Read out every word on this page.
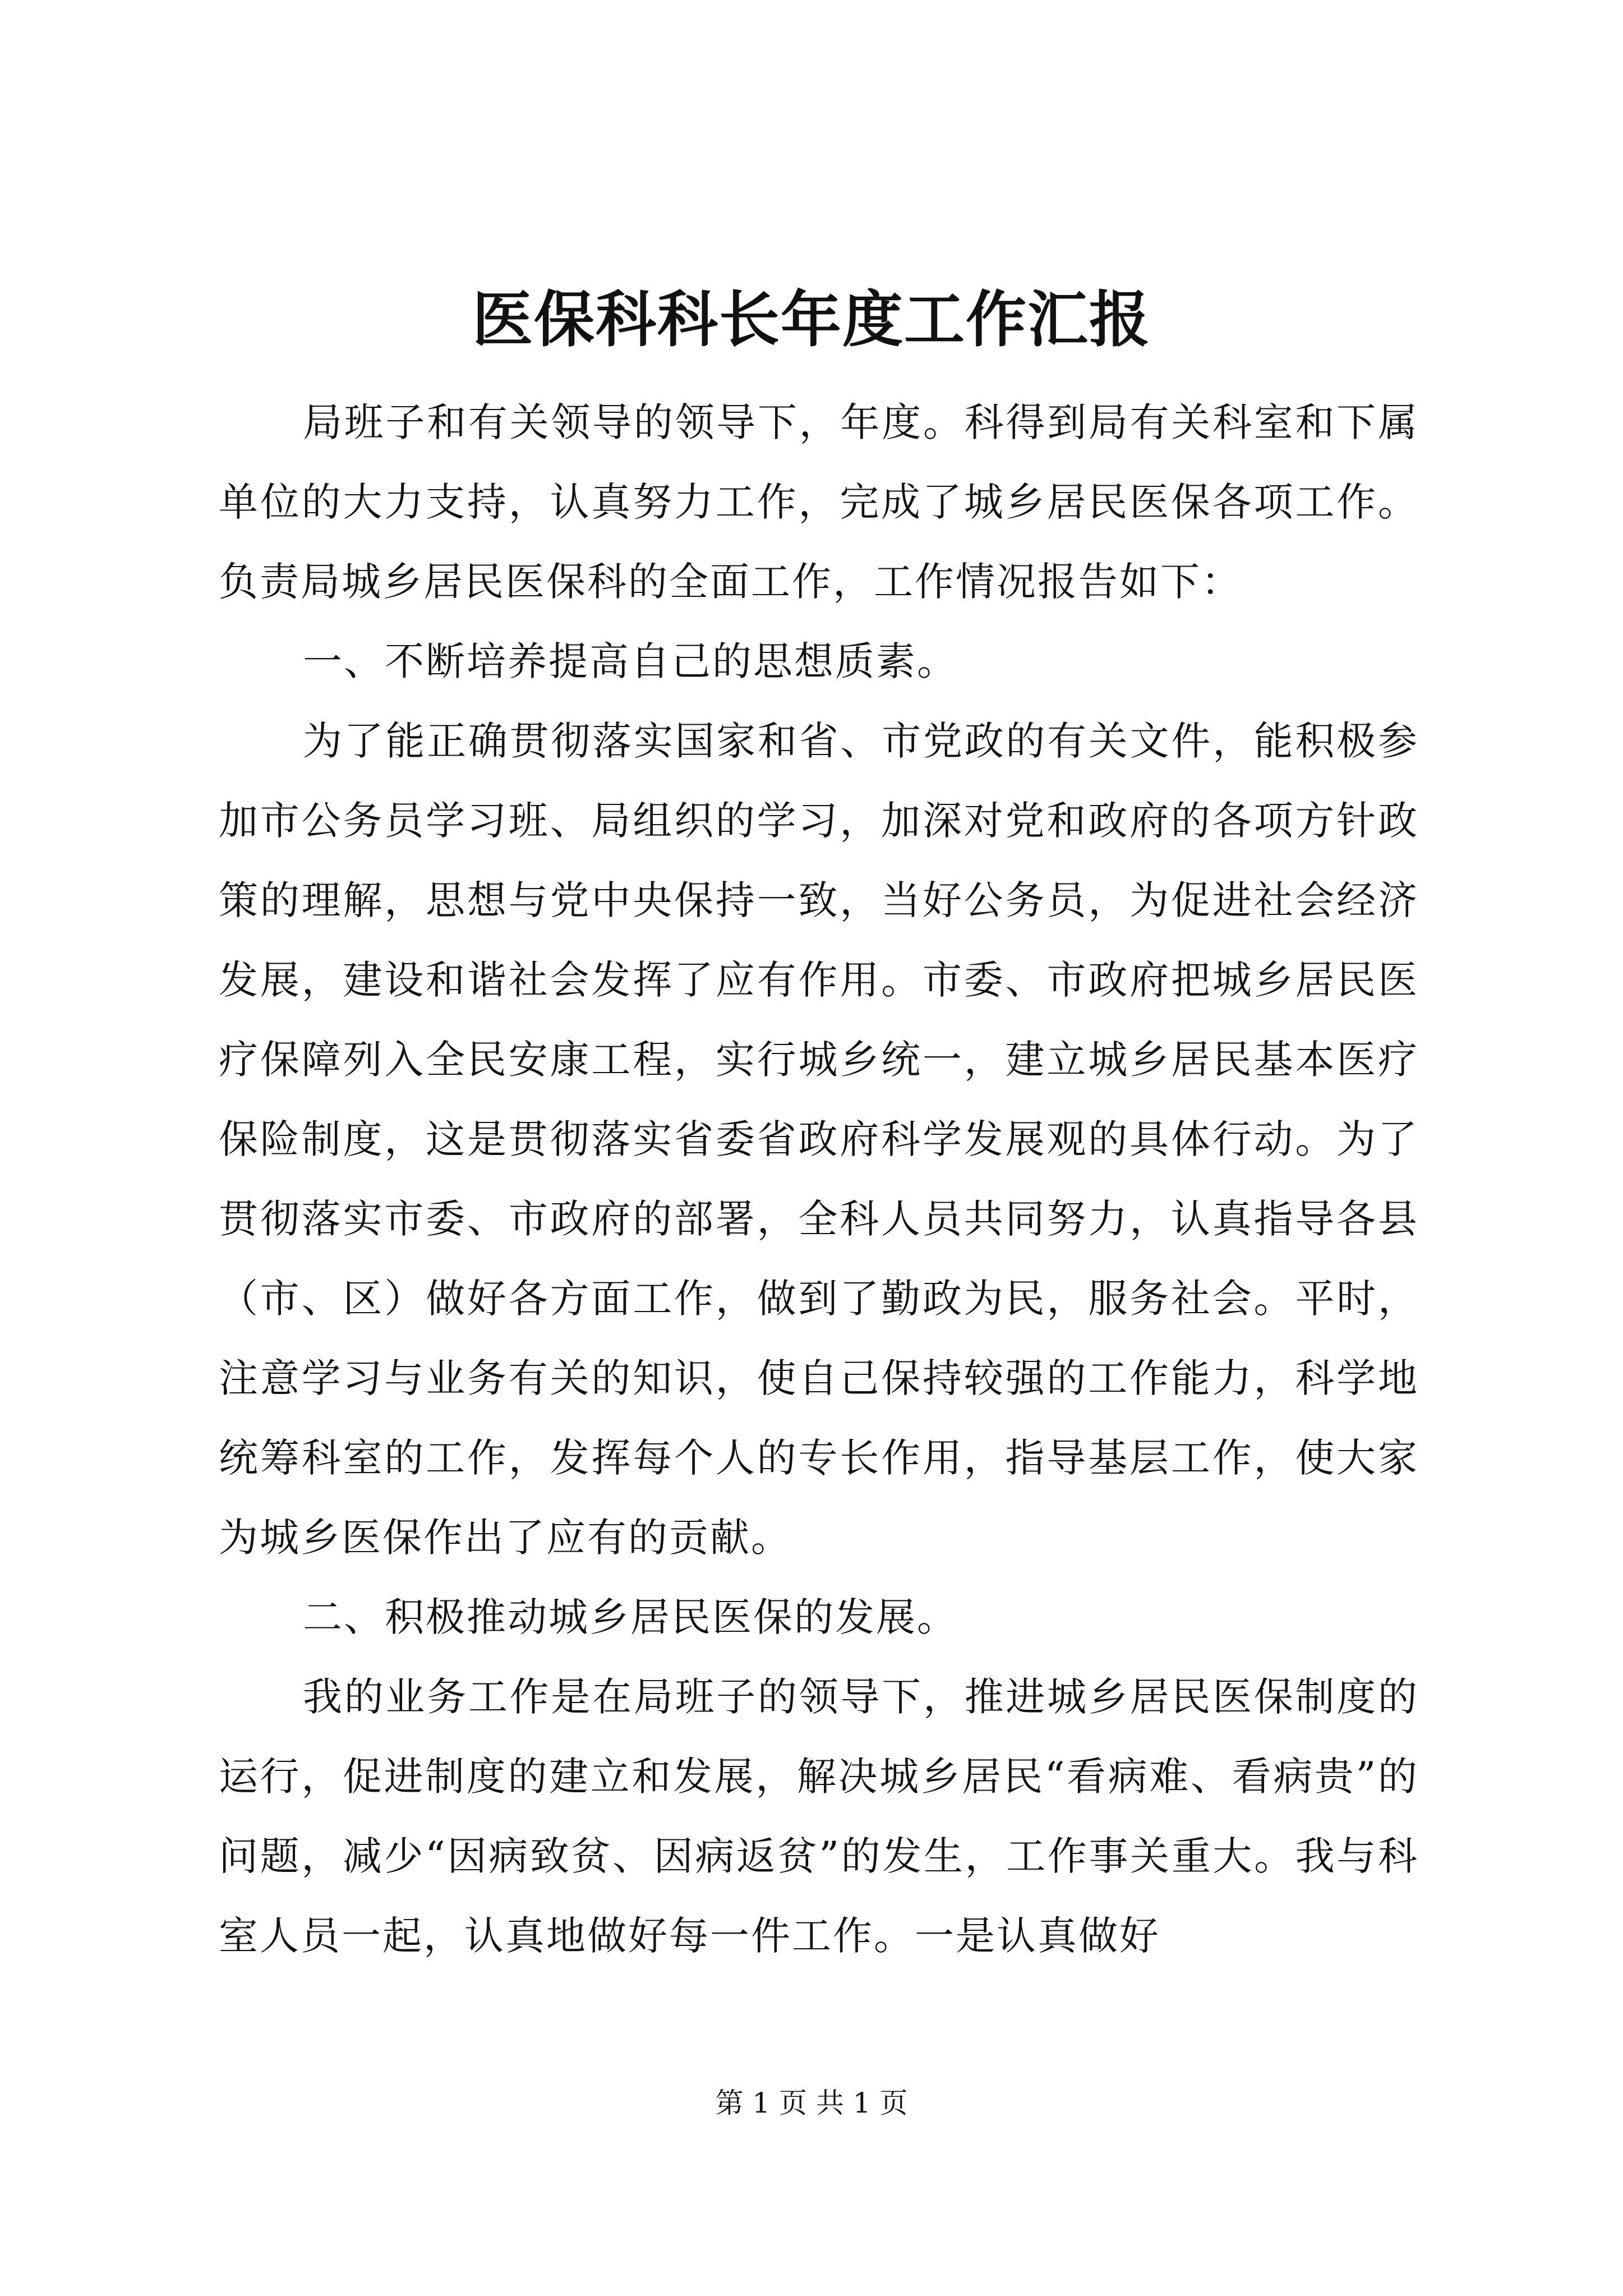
医保科科长年度工作汇报

局班子和有关领导的领导下，年度。科得到局有关科室和下属单位的大力支持，认真努力工作，完成了城乡居民医保各项工作。负责局城乡居民医保科的全面工作，工作情况报告如下：

一、不断培养提高自己的思想质素。

为了能正确贯彻落实国家和省、市党政的有关文件，能积极参加市公务员学习班、局组织的学习，加深对党和政府的各项方针政策的理解，思想与党中央保持一致，当好公务员，为促进社会经济发展，建设和谐社会发挥了应有作用。市委、市政府把城乡居民医疗保障列入全民安康工程，实行城乡统一，建立城乡居民基本医疗保险制度，这是贯彻落实省委省政府科学发展观的具体行动。为了贯彻落实市委、市政府的部署，全科人员共同努力，认真指导各县（市、区）做好各方面工作，做到了勤政为民，服务社会。平时，注意学习与业务有关的知识，使自己保持较强的工作能力，科学地统筹科室的工作，发挥每个人的专长作用，指导基层工作，使大家为城乡医保作出了应有的贡献。

二、积极推动城乡居民医保的发展。

我的业务工作是在局班子的领导下，推进城乡居民医保制度的运行，促进制度的建立和发展，解决城乡居民“看病难、看病贵”的问题，减少“因病致贫、因病返贫”的发生，工作事关重大。我与科室人员一起，认真地做好每一件工作。一是认真做好

第 1 页 共 1 页
